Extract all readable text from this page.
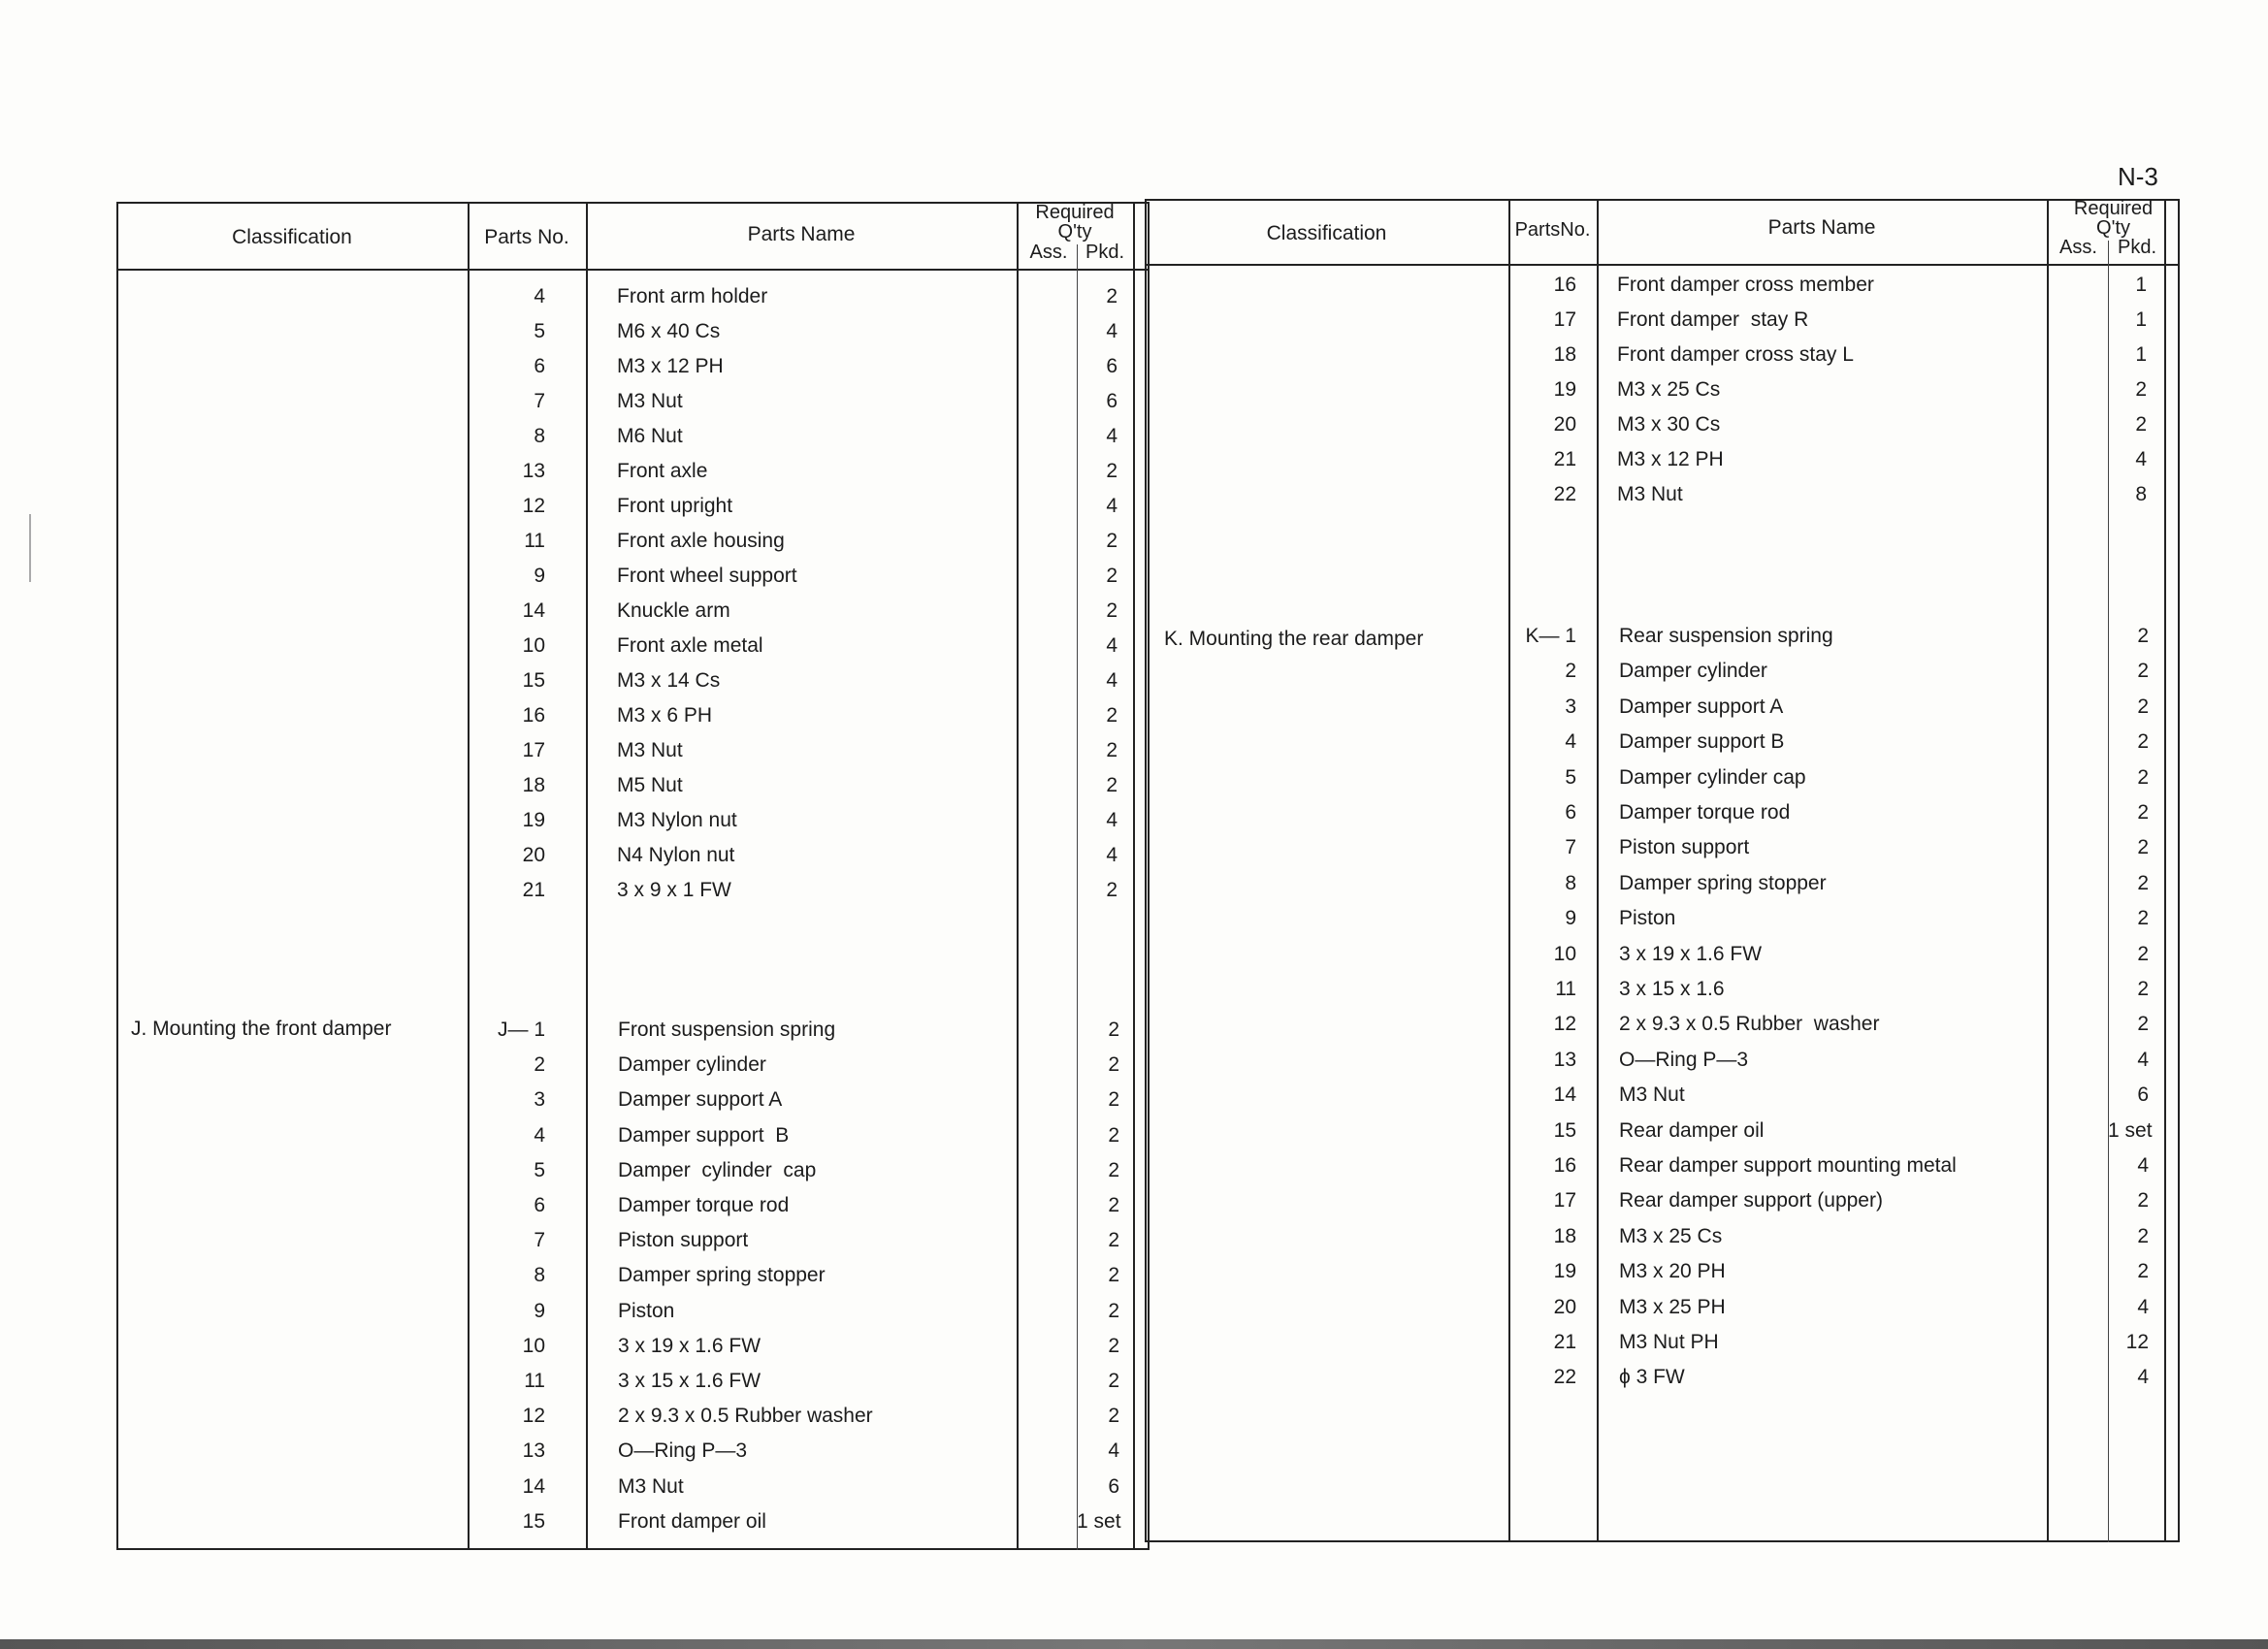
N-3
Classification	Parts No.	Parts Name
Required
Q'ty
Ass. Pkd.
4	Front arm holder	2
5	M6 x 40 Cs	4
6	M3 x 12 PH	6
7	M3 Nut	6
8	M6 Nut	4
13	Front axle	2
12	Front upright	4
11	Front axle housing	2
9	Front wheel support	2
14	Knuckle arm	2
10	Front axle metal	4
15	M3 x 14 Cs	4
16	M3 x 6 PH	2
17	M3 Nut	2
18	M5 Nut	2
19	M3 Nylon nut	4
20	N4 Nylon nut	4
21	3 x 9 x 1 FW	2
J. Mounting the front damper	J— 1	Front suspension spring	2
2	Damper cylinder	2
3	Damper support A	2
4	Damper support  B	2
5	Damper  cylinder  cap	2
6	Damper torque rod	2
7	Piston support	2
8	Damper spring stopper	2
9	Piston	2
10	3 x 19 x 1.6 FW	2
11	3 x 15 x 1.6 FW	2
12	2 x 9.3 x 0.5 Rubber washer	2
13	O—Ring P—3	4
14	M3 Nut	6
15	Front damper oil	1 set
Classification	PartsNo.	Parts Name
Required
Q'ty
Ass.	Pkd.
16 Front damper cross member	1
17 Front damper  stay R	1
18 Front damper cross stay L	1
19 M3 x 25 Cs	2
20 M3 x 30 Cs	2
21 M3 x 12 PH	4
22 M3 Nut	8
K. Mounting the rear damper	K— 1 Rear suspension spring	2
2 Damper cylinder	2
3 Damper support A	2
4 Damper support B	2
5 Damper cylinder cap	2
6 Damper torque rod	2
7 Piston support	2
8 Damper spring stopper	2
9 Piston	2
10 3 x 19 x 1.6 FW	2
11 3 x 15 x 1.6	2
12 2 x 9.3 x 0.5 Rubber  washer	2
13 O—Ring P—3	4
14 M3 Nut	6
15 Rear damper oil	1 set
16 Rear damper support mounting metal	4
17 Rear damper support (upper)	2
18 M3 x 25 Cs	2
19 M3 x 20 PH	2
20 M3 x 25 PH	4
21 M3 Nut PH	12
22 ϕ 3 FW	4
